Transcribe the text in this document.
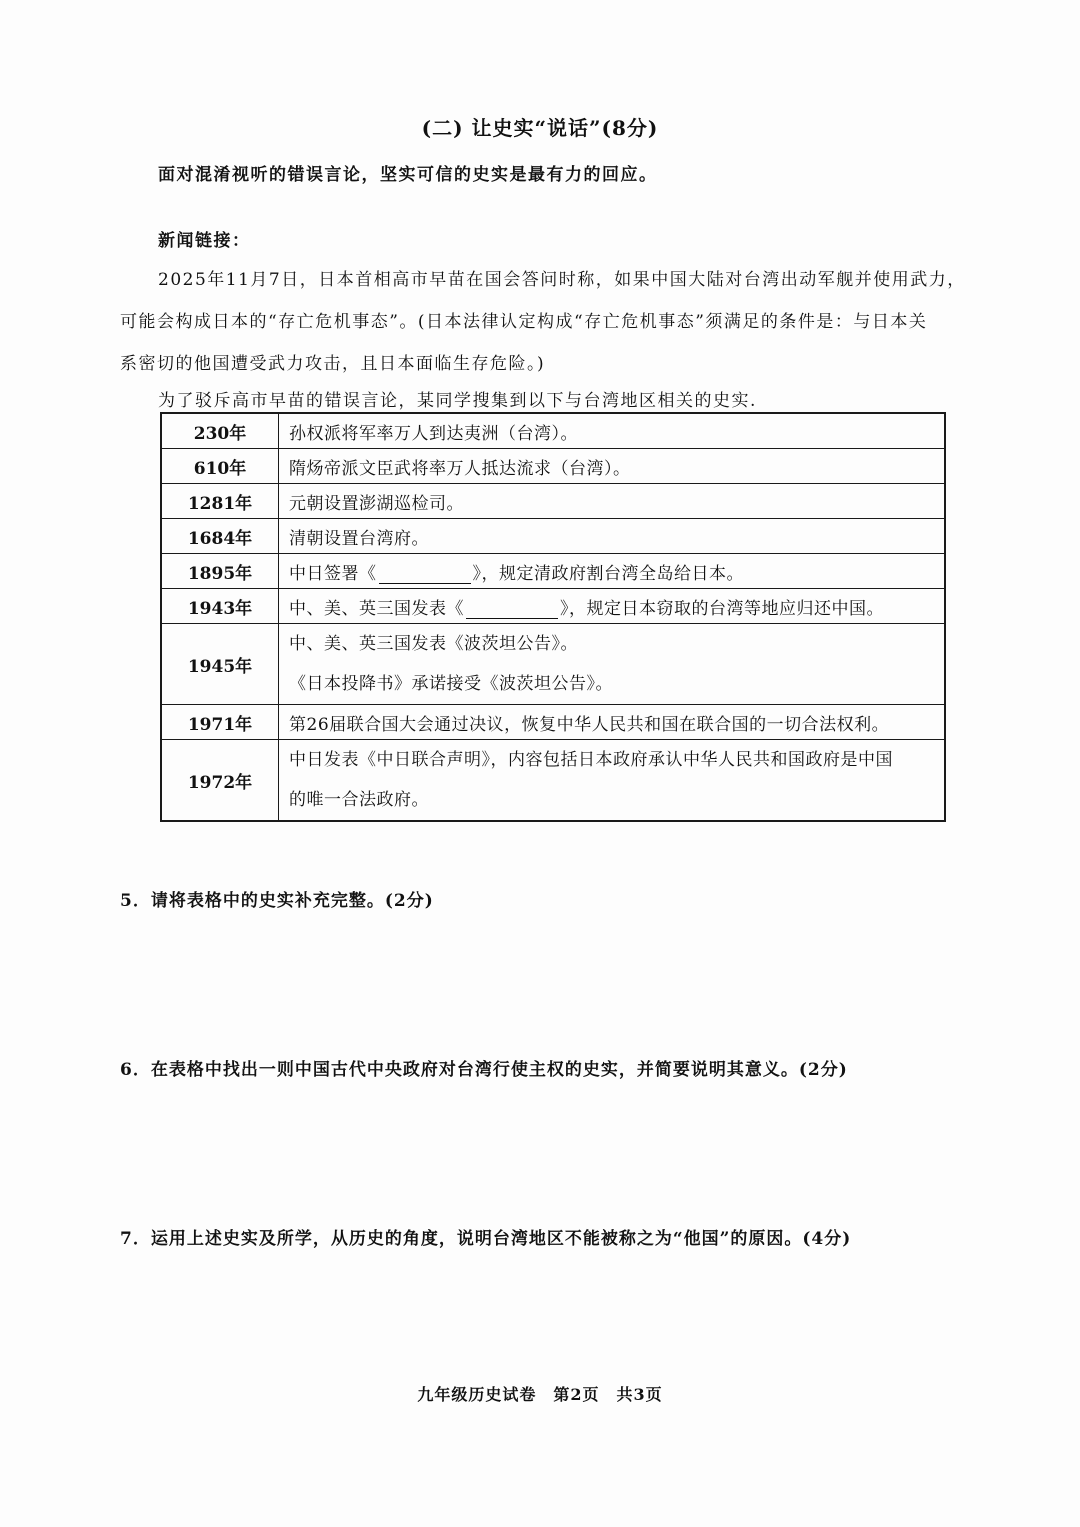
(二) 让史实“说话”(8分)
面对混淆视听的错误言论，坚实可信的史实是最有力的回应。
新闻链接：
2025年11月7日，日本首相高市早苗在国会答问时称，如果中国大陆对台湾出动军舰并使用武力，
可能会构成日本的“存亡危机事态”。(日本法律认定构成“存亡危机事态”须满足的条件是：与日本关
系密切的他国遭受武力攻击，且日本面临生存危险。)
为了驳斥高市早苗的错误言论，某同学搜集到以下与台湾地区相关的史实.
230年	孙权派将军率万人到达夷洲（台湾）。
610年	隋炀帝派文臣武将率万人抵达流求（台湾）。
1281年	元朝设置澎湖巡检司。
1684年	清朝设置台湾府。
1895年	中日签署《 》，规定清政府割台湾全岛给日本。
1943年	中、美、英三国发表《 》，规定日本窃取的台湾等地应归还中国。
1945年	中、美、英三国发表《波茨坦公告》。
《日本投降书》承诺接受《波茨坦公告》。

1971年	第26届联合国大会通过决议，恢复中华人民共和国在联合国的一切合法权利。
1972年	中日发表《中日联合声明》，内容包括日本政府承认中华人民共和国政府是中国
的唯一合法政府。
5．请将表格中的史实补充完整。(2分)
6．在表格中找出一则中国古代中央政府对台湾行使主权的史实，并简要说明其意义。(2分)
7．运用上述史实及所学，从历史的角度，说明台湾地区不能被称之为“他国”的原因。(4分)
九年级历史试卷　第2页　共3页
